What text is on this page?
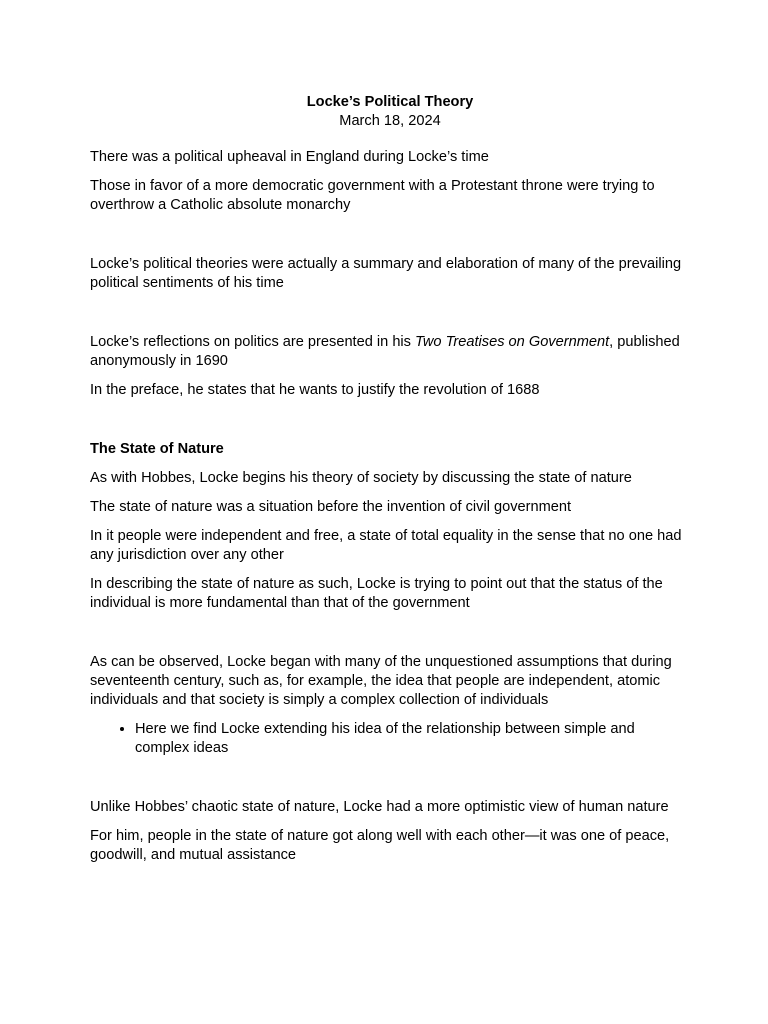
Locke’s Political Theory
March 18, 2024

There was a political upheaval in England during Locke’s time

Those in favor of a more democratic government with a Protestant throne were trying to overthrow a Catholic absolute monarchy

Locke’s political theories were actually a summary and elaboration of many of the prevailing political sentiments of his time

Locke’s reflections on politics are presented in his Two Treatises on Government, published anonymously in 1690

In the preface, he states that he wants to justify the revolution of 1688

The State of Nature

As with Hobbes, Locke begins his theory of society by discussing the state of nature

The state of nature was a situation before the invention of civil government

In it people were independent and free, a state of total equality in the sense that no one had any jurisdiction over any other

In describing the state of nature as such, Locke is trying to point out that the status of the individual is more fundamental than that of the government

As can be observed, Locke began with many of the unquestioned assumptions that during seventeenth century, such as, for example, the idea that people are independent, atomic individuals and that society is simply a complex collection of individuals

• Here we find Locke extending his idea of the relationship between simple and complex ideas

Unlike Hobbes’ chaotic state of nature, Locke had a more optimistic view of human nature

For him, people in the state of nature got along well with each other—it was one of peace, goodwill, and mutual assistance
